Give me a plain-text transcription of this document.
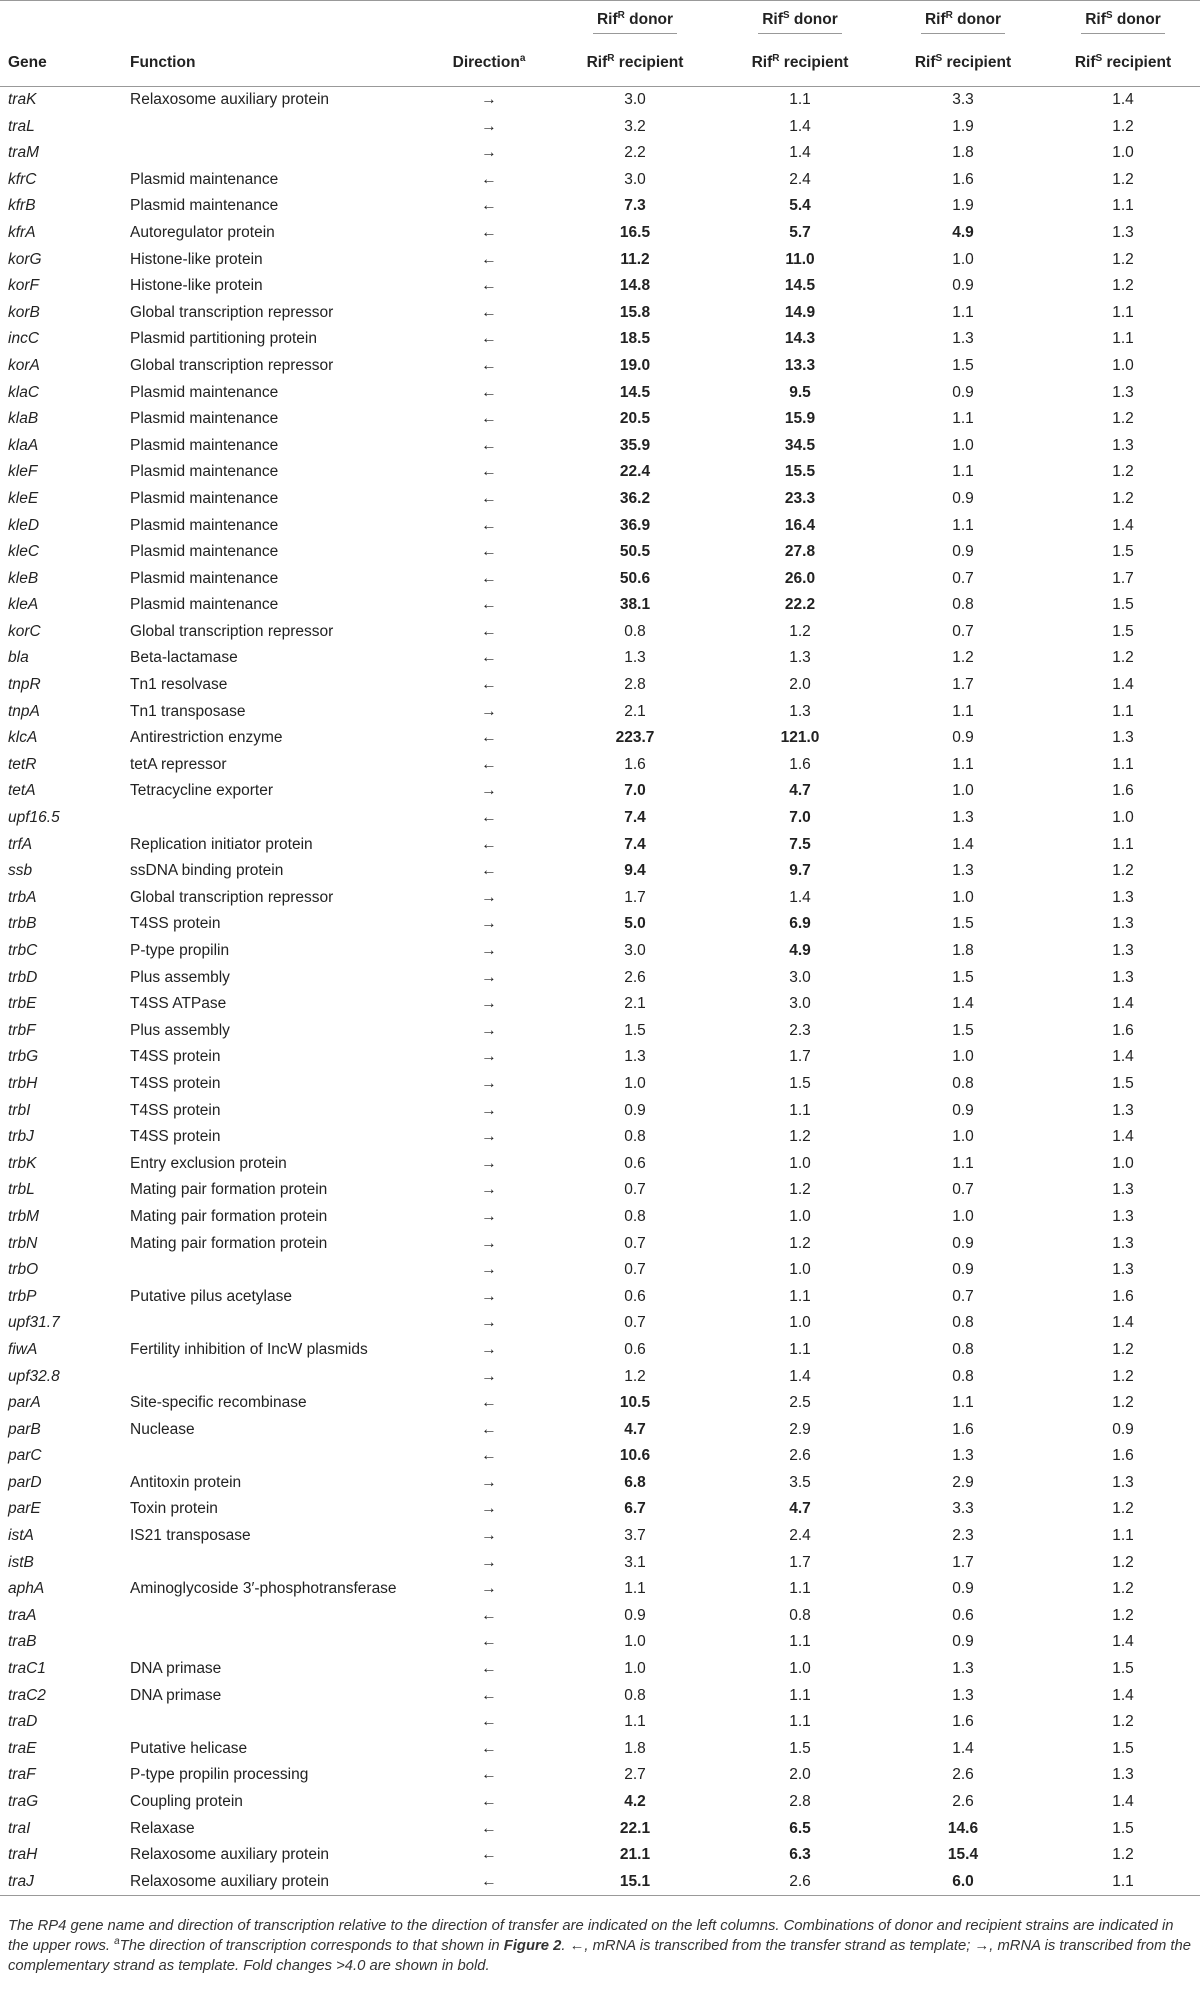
			Rif$^R$ donor	Rif$^S$ donor	Rif$^R$ donor	Rif$^S$ donor
Gene	Function	Direction$^a$	Rif$^R$ recipient	Rif$^R$ recipient	Rif$^S$ recipient	Rif$^S$ recipient
traK	Relaxosome auxiliary protein	→	3.0	1.1	3.3	1.4
traL		→	3.2	1.4	1.9	1.2
traM		→	2.2	1.4	1.8	1.0
kfrC	Plasmid maintenance	←	3.0	2.4	1.6	1.2
kfrB	Plasmid maintenance	←	7.3	5.4	1.9	1.1
kfrA	Autoregulator protein	←	16.5	5.7	4.9	1.3
korG	Histone-like protein	←	11.2	11.0	1.0	1.2
korF	Histone-like protein	←	14.8	14.5	0.9	1.2
korB	Global transcription repressor	←	15.8	14.9	1.1	1.1
incC	Plasmid partitioning protein	←	18.5	14.3	1.3	1.1
korA	Global transcription repressor	←	19.0	13.3	1.5	1.0
klaC	Plasmid maintenance	←	14.5	9.5	0.9	1.3
klaB	Plasmid maintenance	←	20.5	15.9	1.1	1.2
klaA	Plasmid maintenance	←	35.9	34.5	1.0	1.3
kleF	Plasmid maintenance	←	22.4	15.5	1.1	1.2
kleE	Plasmid maintenance	←	36.2	23.3	0.9	1.2
kleD	Plasmid maintenance	←	36.9	16.4	1.1	1.4
kleC	Plasmid maintenance	←	50.5	27.8	0.9	1.5
kleB	Plasmid maintenance	←	50.6	26.0	0.7	1.7
kleA	Plasmid maintenance	←	38.1	22.2	0.8	1.5
korC	Global transcription repressor	←	0.8	1.2	0.7	1.5
bla	Beta-lactamase	←	1.3	1.3	1.2	1.2
tnpR	Tn1 resolvase	←	2.8	2.0	1.7	1.4
tnpA	Tn1 transposase	→	2.1	1.3	1.1	1.1
klcA	Antirestriction enzyme	←	223.7	121.0	0.9	1.3
tetR	tetA repressor	←	1.6	1.6	1.1	1.1
tetA	Tetracycline exporter	→	7.0	4.7	1.0	1.6
upf16.5		←	7.4	7.0	1.3	1.0
trfA	Replication initiator protein	←	7.4	7.5	1.4	1.1
ssb	ssDNA binding protein	←	9.4	9.7	1.3	1.2
trbA	Global transcription repressor	→	1.7	1.4	1.0	1.3
trbB	T4SS protein	→	5.0	6.9	1.5	1.3
trbC	P-type propilin	→	3.0	4.9	1.8	1.3
trbD	Plus assembly	→	2.6	3.0	1.5	1.3
trbE	T4SS ATPase	→	2.1	3.0	1.4	1.4
trbF	Plus assembly	→	1.5	2.3	1.5	1.6
trbG	T4SS protein	→	1.3	1.7	1.0	1.4
trbH	T4SS protein	→	1.0	1.5	0.8	1.5
trbI	T4SS protein	→	0.9	1.1	0.9	1.3
trbJ	T4SS protein	→	0.8	1.2	1.0	1.4
trbK	Entry exclusion protein	→	0.6	1.0	1.1	1.0
trbL	Mating pair formation protein	→	0.7	1.2	0.7	1.3
trbM	Mating pair formation protein	→	0.8	1.0	1.0	1.3
trbN	Mating pair formation protein	→	0.7	1.2	0.9	1.3
trbO		→	0.7	1.0	0.9	1.3
trbP	Putative pilus acetylase	→	0.6	1.1	0.7	1.6
upf31.7		→	0.7	1.0	0.8	1.4
fiwA	Fertility inhibition of IncW plasmids	→	0.6	1.1	0.8	1.2
upf32.8		→	1.2	1.4	0.8	1.2
parA	Site-specific recombinase	←	10.5	2.5	1.1	1.2
parB	Nuclease	←	4.7	2.9	1.6	0.9
parC		←	10.6	2.6	1.3	1.6
parD	Antitoxin protein	→	6.8	3.5	2.9	1.3
parE	Toxin protein	→	6.7	4.7	3.3	1.2
istA	IS21 transposase	→	3.7	2.4	2.3	1.1
istB		→	3.1	1.7	1.7	1.2
aphA	Aminoglycoside 3′-phosphotransferase	→	1.1	1.1	0.9	1.2
traA		←	0.9	0.8	0.6	1.2
traB		←	1.0	1.1	0.9	1.4
traC1	DNA primase	←	1.0	1.0	1.3	1.5
traC2	DNA primase	←	0.8	1.1	1.3	1.4
traD		←	1.1	1.1	1.6	1.2
traE	Putative helicase	←	1.8	1.5	1.4	1.5
traF	P-type propilin processing	←	2.7	2.0	2.6	1.3
traG	Coupling protein	←	4.2	2.8	2.6	1.4
traI	Relaxase	←	22.1	6.5	14.6	1.5
traH	Relaxosome auxiliary protein	←	21.1	6.3	15.4	1.2
traJ	Relaxosome auxiliary protein	←	15.1	2.6	6.0	1.1
The RP4 gene name and direction of transcription relative to the direction of transfer are indicated on the left columns. Combinations of donor and recipient strains are indicated in the upper rows. $^a$The direction of transcription corresponds to that shown in Figure 2. ←, mRNA is transcribed from the transfer strand as template; →, mRNA is transcribed from the complementary strand as template. Fold changes >4.0 are shown in bold.
